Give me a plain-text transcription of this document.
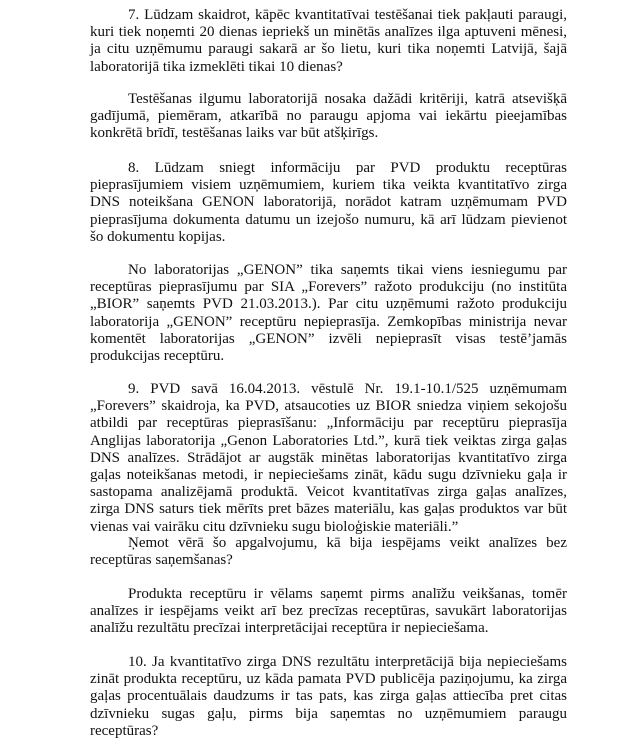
7. Lūdzam skaidrot, kāpēc kvantitatīvai testēšanai tiek pakļauti paraugi, kuri tiek noņemti 20 dienas iepriekš un minētās analīzes ilga aptuveni mēnesi, ja citu uzņēmumu paraugi sakarā ar šo lietu, kuri tika noņemti Latvijā, šajā laboratorijā tika izmeklēti tikai 10 dienas?

Testēšanas ilgumu laboratorijā nosaka dažādi kritēriji, katrā atsevišķā gadījumā, piemēram, atkarībā no paraugu apjoma vai iekārtu pieejamības konkrētā brīdī, testēšanas laiks var būt atšķirīgs.

8. Lūdzam sniegt informāciju par PVD produktu receptūras pieprasījumiem visiem uzņēmumiem, kuriem tika veikta kvantitatīvo zirga DNS noteikšana GENON laboratorijā, norādot katram uzņēmumam PVD pieprasījuma dokumenta datumu un izejošo numuru, kā arī lūdzam pievienot šo dokumentu kopijas.

No laboratorijas „GENON” tika saņemts tikai viens iesniegumu par receptūras pieprasījumu par SIA „Forevers” ražoto produkciju (no institūta „BIOR” saņemts PVD 21.03.2013.). Par citu uzņēmumi ražoto produkciju laboratorija „GENON” receptūru nepieprasīja. Zemkopības ministrija nevar komentēt laboratorijas „GENON” izvēli nepieprasīt visas testē’jamās produkcijas receptūru.

9. PVD savā 16.04.2013. vēstulē Nr. 19.1-10.1/525 uzņēmumam „Forevers” skaidroja, ka PVD, atsaucoties uz BIOR sniedza viņiem sekojošu atbildi par receptūras pieprasīšanu: „Informāciju par receptūru pieprasīja Anglijas laboratorija „Genon Laboratories Ltd.”, kurā tiek veiktas zirga gaļas DNS analīzes. Strādājot ar augstāk minētas laboratorijas kvantitatīvo zirga gaļas noteikšanas metodi, ir nepieciešams zināt, kādu sugu dzīvnieku gaļa ir sastopama analizējamā produktā. Veicot kvantitatīvas zirga gaļas analīzes, zirga DNS saturs tiek mērīts pret bāzes materiālu, kas gaļas produktos var būt vienas vai vairāku citu dzīvnieku sugu bioloģiskie materiāli.”

Ņemot vērā šo apgalvojumu, kā bija iespējams veikt analīzes bez receptūras saņemšanas?

Produkta receptūru ir vēlams saņemt pirms analīžu veikšanas, tomēr analīzes ir iespējams veikt arī bez precīzas receptūras, savukārt laboratorijas analīžu rezultātu precīzai interpretācijai receptūra ir nepieciešama.

10. Ja kvantitatīvo zirga DNS rezultātu interpretācijā bija nepieciešams zināt produkta receptūru, uz kāda pamata PVD publicēja paziņojumu, ka zirga gaļas procentuālais daudzums ir tas pats, kas zirga gaļas attiecība pret citas dzīvnieku sugas gaļu, pirms bija saņemtas no uzņēmumiem paraugu receptūras?
